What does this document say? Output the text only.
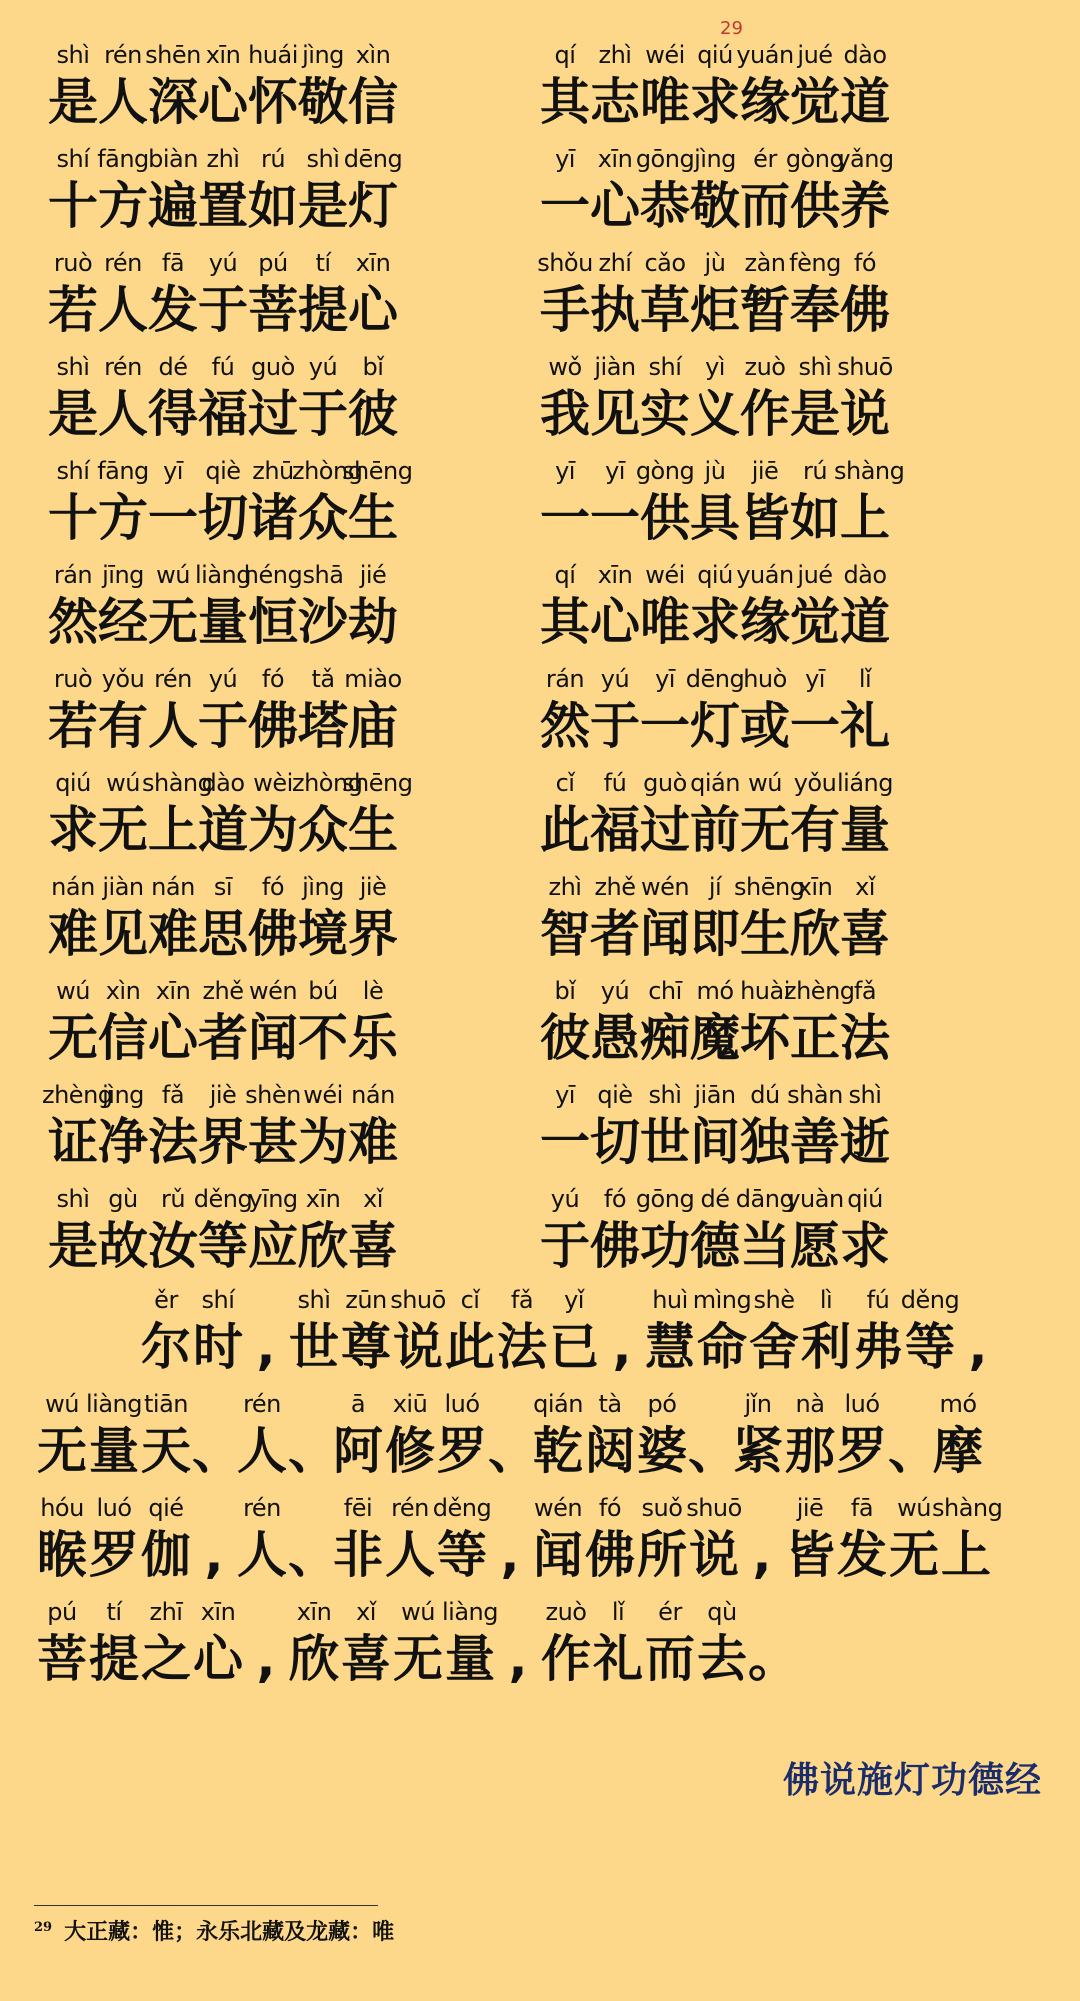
shì
是
rén
人
shēn
深
xīn
心
huái
怀
jìng
敬
xìn
信
qí
其
zhì
志
wéi
唯
qiú
求
yuán
缘
jué
觉
dào
道
shí
十
fāng
方
biàn
遍
zhì
置
rú
如
shì
是
dēng
灯
yī
一
xīn
心
gōng
恭
jìng
敬
ér
而
gòng
供
yǎng
养
ruò
若
rén
人
fā
发
yú
于
pú
菩
tí
提
xīn
心
shǒu
手
zhí
执
cǎo
草
jù
炬
zàn
暂
fèng
奉
fó
佛
shì
是
rén
人
dé
得
fú
福
guò
过
yú
于
bǐ
彼
wǒ
我
jiàn
见
shí
实
yì
义
zuò
作
shì
是
shuō
说
shí
十
fāng
方
yī
一
qiè
切
zhū
诸
zhòng
众
shēng
生
yī
一
yī
一
gòng
供
jù
具
jiē
皆
rú
如
shàng
上
rán
然
jīng
经
wú
无
liàng
量
héng
恒
shā
沙
jié
劫
qí
其
xīn
心
wéi
唯
qiú
求
yuán
缘
jué
觉
dào
道
ruò
若
yǒu
有
rén
人
yú
于
fó
佛
tǎ
塔
miào
庙
rán
然
yú
于
yī
一
dēng
灯
huò
或
yī
一
lǐ
礼
qiú
求
wú
无
shàng
上
dào
道
wèi
为
zhòng
众
shēng
生
cǐ
此
fú
福
guò
过
qián
前
wú
无
yǒu
有
liáng
量
nán
难
jiàn
见
nán
难
sī
思
fó
佛
jìng
境
jiè
界
zhì
智
zhě
者
wén
闻
jí
即
shēng
生
xīn
欣
xǐ
喜
wú
无
xìn
信
xīn
心
zhě
者
wén
闻
bú
不
lè
乐
bǐ
彼
yú
愚
chī
痴
mó
魔
huài
坏
zhèng
正
fǎ
法
zhèng
证
jìng
净
fǎ
法
jiè
界
shèn
甚
wéi
为
nán
难
yī
一
qiè
切
shì
世
jiān
间
dú
独
shàn
善
shì
逝
shì
是
gù
故
rǔ
汝
děng
等
yīng
应
xīn
欣
xǐ
喜
yú
于
fó
佛
gōng
功
dé
德
dāng
当
yuàn
愿
qiú
求
29
ěr
尔
shí
时 ,
shì
世
zūn
尊
shuō
说
cǐ
此
fǎ
法
yǐ
已 ,
huì
慧
mìng
命
shè
舍
lì
利
fú
弗
děng
等 ,
wú
无
liàng
量
tiān
天 、
rén
人 、
ā
阿
xiū
修
luó
罗 、
qián
乾
tà
闼
pó
婆 、
jǐn
紧
nà
那
luó
罗 、
mó
摩
hóu
睺
luó
罗
qié
伽 ,
rén
人 、
fēi
非
rén
人
děng
等 ,
wén
闻
fó
佛
suǒ
所
shuō
说 ,
jiē
皆
fā
发
wú
无
shàng
上
pú
菩
tí
提
zhī
之
xīn
心 ,
xīn
欣
xǐ
喜
wú
无
liàng
量 ,
zuò
作
lǐ
礼
ér
而
qù
去 。
佛说施灯功德经
$^{29}$ 大正藏：惟；永乐北藏及龙藏：唯
